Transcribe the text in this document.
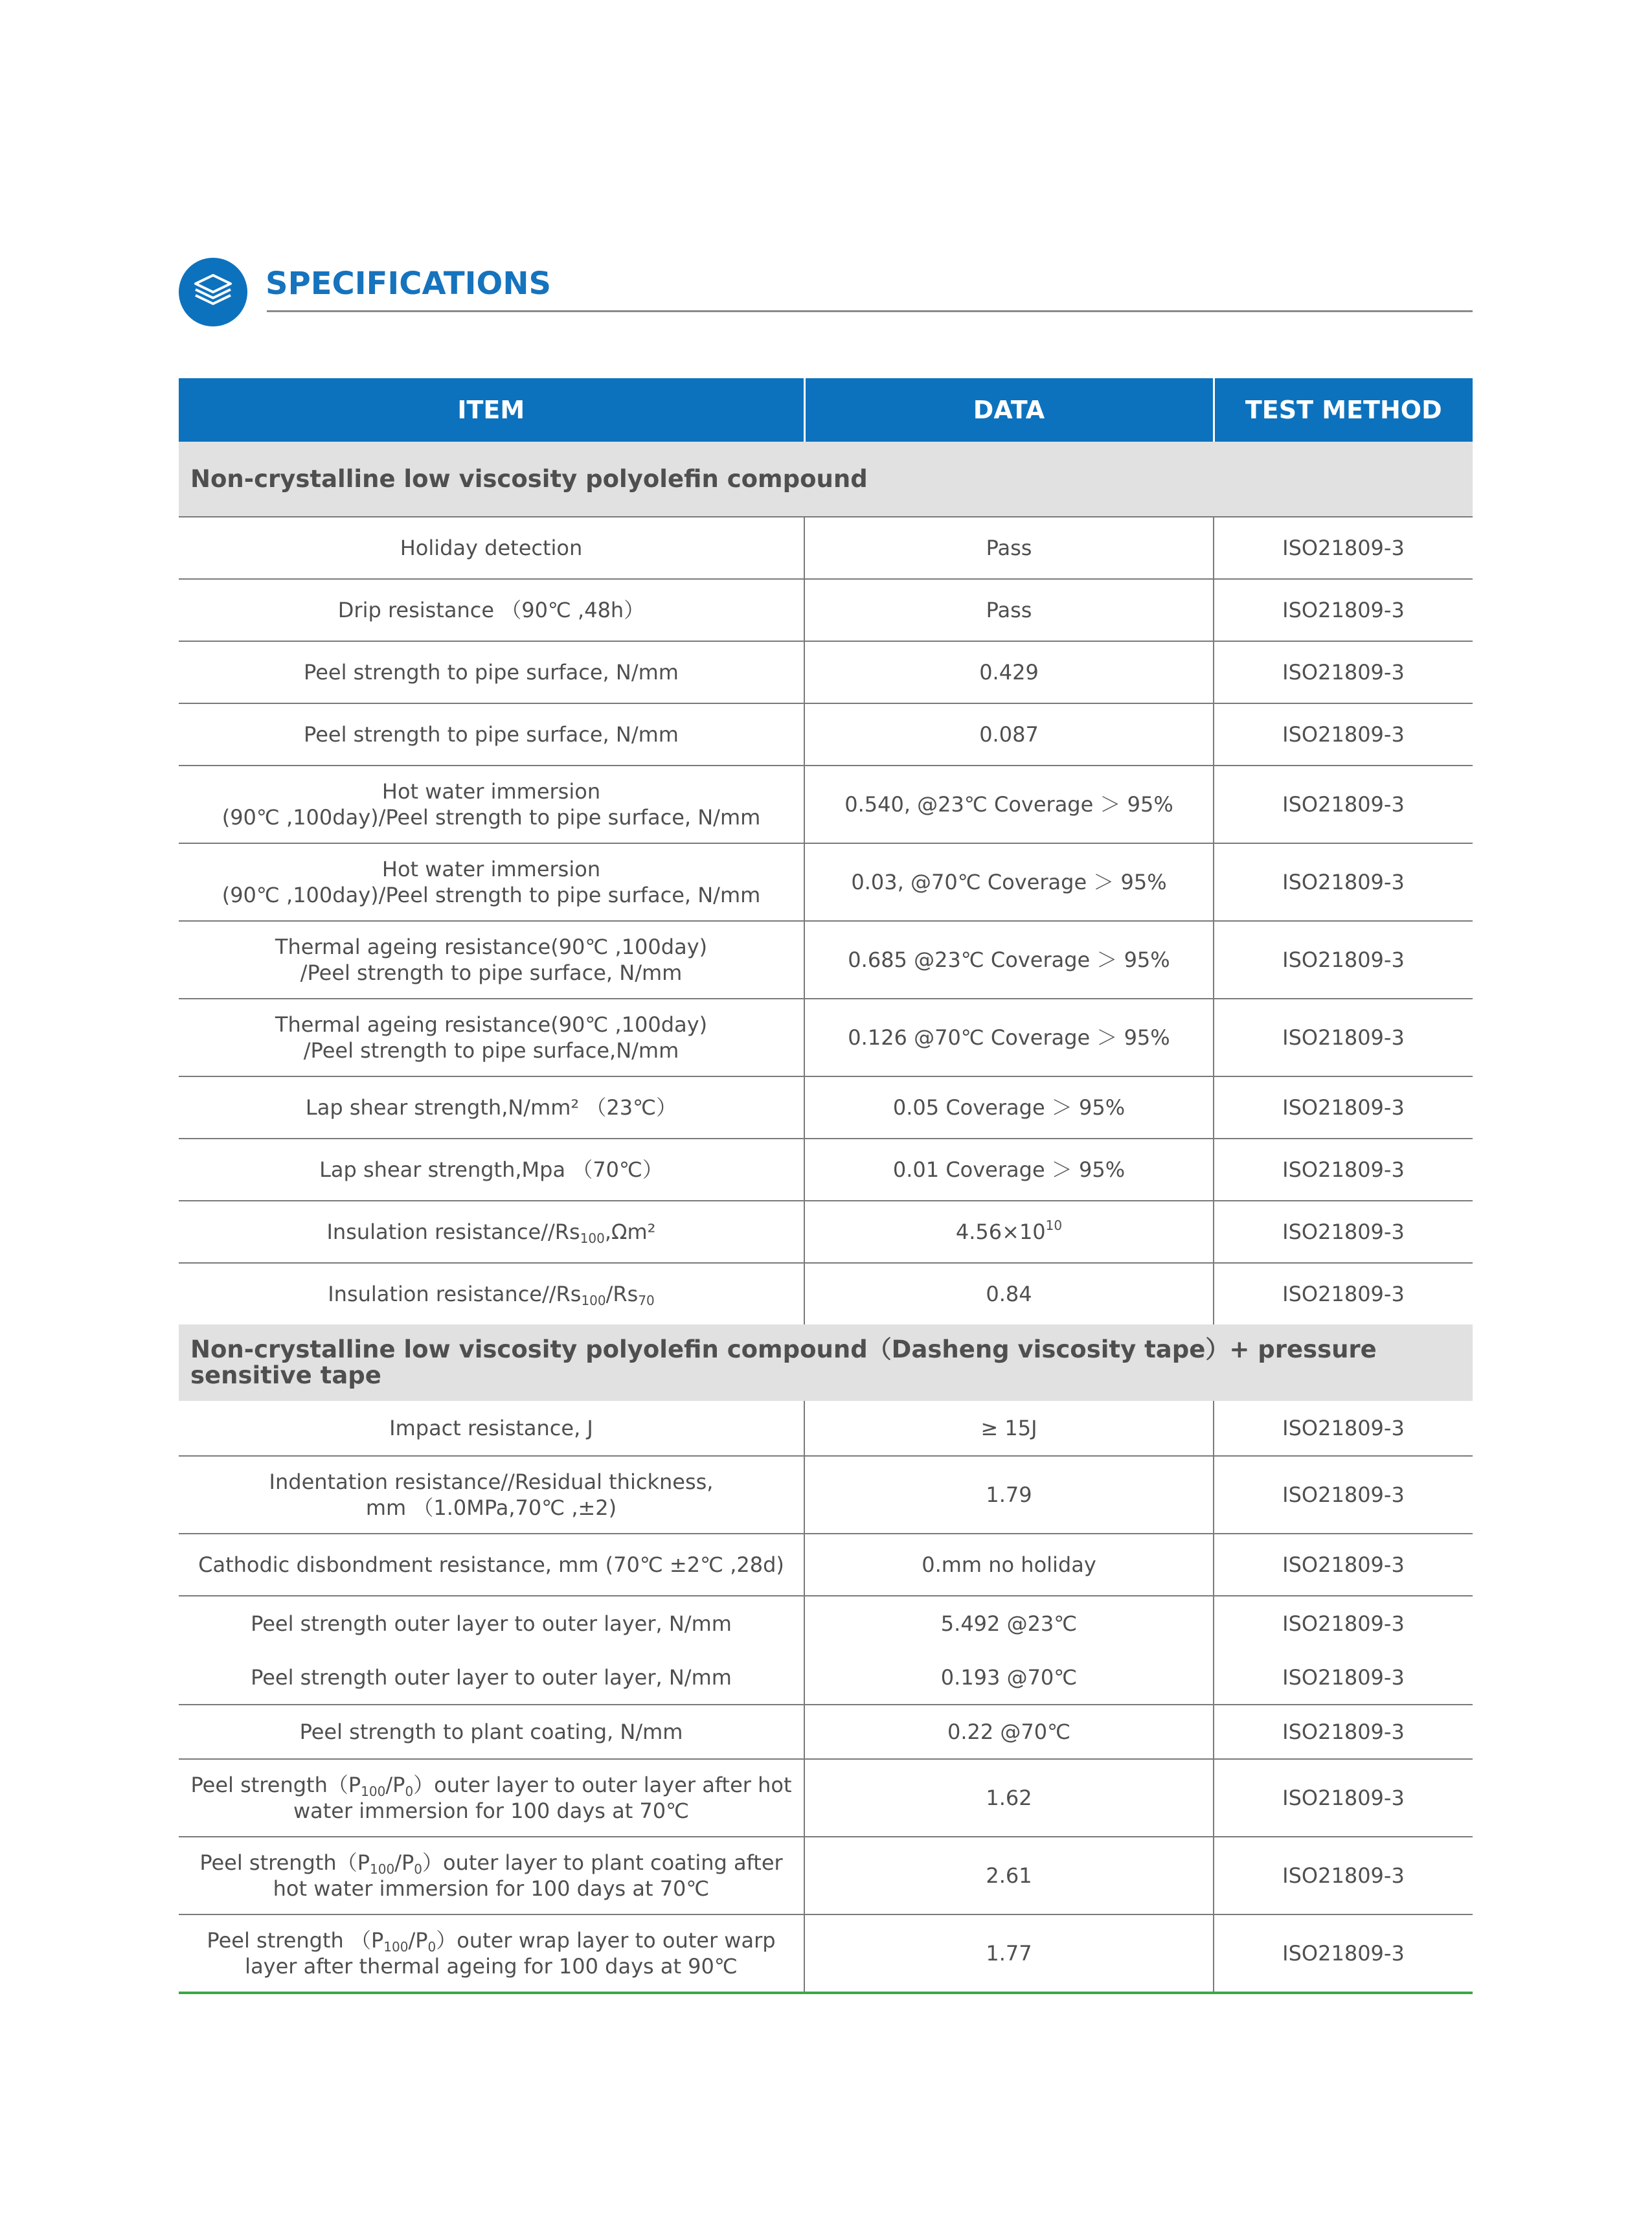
SPECIFICATIONS
ITEM	DATA	TEST METHOD
Non-crystalline low viscosity polyolefin compound		
Holiday detection	Pass	ISO21809-3
Drip resistance （90℃ ,48h）	Pass	ISO21809-3
Peel strength to pipe surface, N/mm	0.429	ISO21809-3
Peel strength to pipe surface, N/mm	0.087	ISO21809-3
Hot water immersion
(90℃ ,100day)/Peel strength to pipe surface, N/mm	0.540, @23℃ Coverage ＞ 95%	ISO21809-3
Hot water immersion
(90℃ ,100day)/Peel strength to pipe surface, N/mm	0.03, @70℃ Coverage ＞ 95%	ISO21809-3
Thermal ageing resistance(90℃ ,100day)
/Peel strength to pipe surface, N/mm	0.685 @23℃ Coverage ＞ 95%	ISO21809-3
Thermal ageing resistance(90℃ ,100day)
/Peel strength to pipe surface,N/mm	0.126 @70℃ Coverage ＞ 95%	ISO21809-3
Lap shear strength,N/mm² （23℃）	0.05 Coverage ＞ 95%	ISO21809-3
Lap shear strength,Mpa （70℃）	0.01 Coverage ＞ 95%	ISO21809-3
Insulation resistance/$/Rs_{100},\Omega m^2$	$4.56\times 10^{10}$	ISO21809-3
Insulation resistance/$/Rs_{100}/Rs_{70}$	0.84	ISO21809-3
Non-crystalline low viscosity polyolefin compound（Dasheng viscosity tape）+ pressure sensitive tape		
Impact resistance, J	≥ 15J	ISO21809-3
Indentation resistance//Residual thickness,
mm （1.0MPa,70℃ ,±2)	1.79	ISO21809-3
Cathodic disbondment resistance, mm (70℃ ±2℃ ,28d)	0.mm no holiday	ISO21809-3
Peel strength outer layer to outer layer, N/mm	5.492 @23℃	ISO21809-3
Peel strength outer layer to outer layer, N/mm	0.193 @70℃	ISO21809-3
Peel strength to plant coating, N/mm	0.22 @70℃	ISO21809-3
Peel $strength(P_{100}/P_0)outer$ layer to outer layer after hot
water immersion for 100 days at 70℃	1.62	ISO21809-3
Peel $strength(P_{100}/P_0)outer$ layer to plant coating after
hot water immersion for 100 days at 70℃	2.61	ISO21809-3
Peel strength $(P_{100}/P_0)outer$ wrap layer to outer warp
layer after thermal ageing for 100 days at 90℃	1.77	ISO21809-3
